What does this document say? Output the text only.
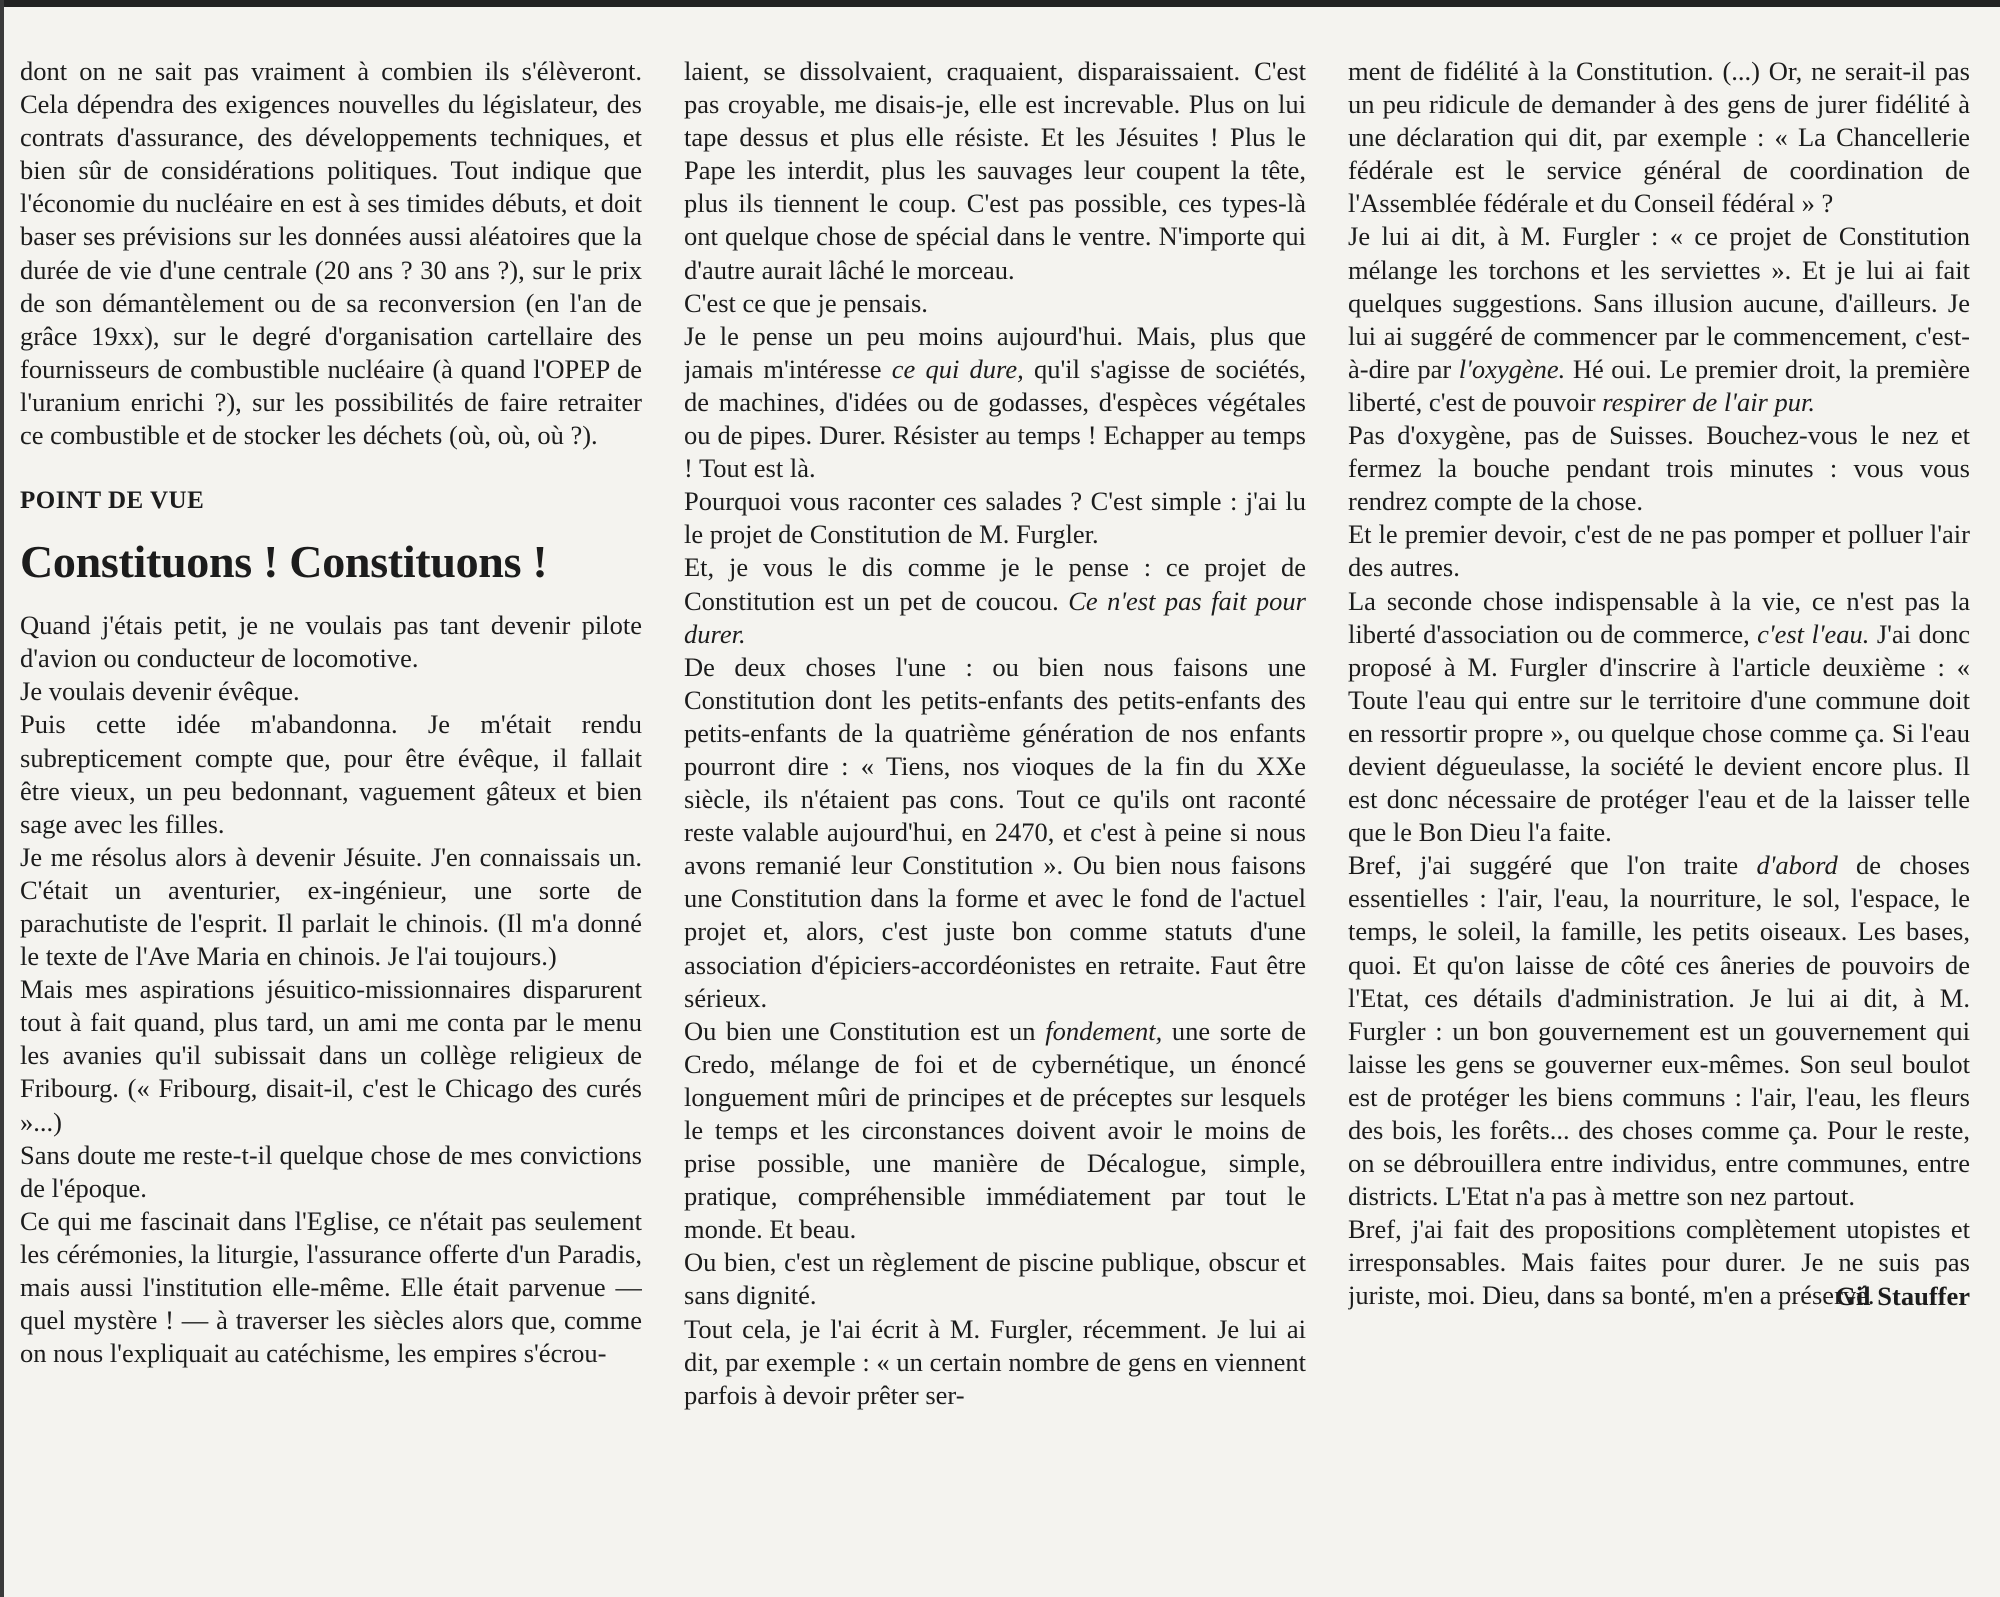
dont on ne sait pas vraiment à combien ils s'élèveront. Cela dépendra des exigences nouvelles du législateur, des contrats d'assurance, des développements techniques, et bien sûr de considérations politiques. Tout indique que l'économie du nucléaire en est à ses timides débuts, et doit baser ses prévisions sur les données aussi aléatoires que la durée de vie d'une centrale (20 ans ? 30 ans ?), sur le prix de son démantèlement ou de sa reconversion (en l'an de grâce 19xx), sur le degré d'organisation cartellaire des fournisseurs de combustible nucléaire (à quand l'OPEP de l'uranium enrichi ?), sur les possibilités de faire retraiter ce combustible et de stocker les déchets (où, où, où ?).

POINT DE VUE

Constituons ! Constituons !

Quand j'étais petit, je ne voulais pas tant devenir pilote d'avion ou conducteur de locomotive.

Je voulais devenir évêque.

Puis cette idée m'abandonna. Je m'était rendu subrepticement compte que, pour être évêque, il fallait être vieux, un peu bedonnant, vaguement gâteux et bien sage avec les filles.

Je me résolus alors à devenir Jésuite. J'en connaissais un. C'était un aventurier, ex-ingénieur, une sorte de parachutiste de l'esprit. Il parlait le chinois. (Il m'a donné le texte de l'Ave Maria en chinois. Je l'ai toujours.)

Mais mes aspirations jésuitico-missionnaires disparurent tout à fait quand, plus tard, un ami me conta par le menu les avanies qu'il subissait dans un collège religieux de Fribourg. (« Fribourg, disait-il, c'est le Chicago des curés »...)

Sans doute me reste-t-il quelque chose de mes convictions de l'époque.

Ce qui me fascinait dans l'Eglise, ce n'était pas seulement les cérémonies, la liturgie, l'assurance offerte d'un Paradis, mais aussi l'institution elle-même. Elle était parvenue — quel mystère ! — à traverser les siècles alors que, comme on nous l'expliquait au catéchisme, les empires s'écrou-

laient, se dissolvaient, craquaient, disparaissaient. C'est pas croyable, me disais-je, elle est increvable. Plus on lui tape dessus et plus elle résiste. Et les Jésuites ! Plus le Pape les interdit, plus les sauvages leur coupent la tête, plus ils tiennent le coup. C'est pas possible, ces types-là ont quelque chose de spécial dans le ventre. N'importe qui d'autre aurait lâché le morceau.

C'est ce que je pensais.

Je le pense un peu moins aujourd'hui. Mais, plus que jamais m'intéresse ce qui dure, qu'il s'agisse de sociétés, de machines, d'idées ou de godasses, d'espèces végétales ou de pipes. Durer. Résister au temps ! Echapper au temps ! Tout est là.

Pourquoi vous raconter ces salades ? C'est simple : j'ai lu le projet de Constitution de M. Furgler.

Et, je vous le dis comme je le pense : ce projet de Constitution est un pet de coucou. Ce n'est pas fait pour durer.

De deux choses l'une : ou bien nous faisons une Constitution dont les petits-enfants des petits-enfants des petits-enfants de la quatrième génération de nos enfants pourront dire : « Tiens, nos vioques de la fin du XXe siècle, ils n'étaient pas cons. Tout ce qu'ils ont raconté reste valable aujourd'hui, en 2470, et c'est à peine si nous avons remanié leur Constitution ». Ou bien nous faisons une Constitution dans la forme et avec le fond de l'actuel projet et, alors, c'est juste bon comme statuts d'une association d'épiciers-accordéonistes en retraite. Faut être sérieux.

Ou bien une Constitution est un fondement, une sorte de Credo, mélange de foi et de cybernétique, un énoncé longuement mûri de principes et de préceptes sur lesquels le temps et les circonstances doivent avoir le moins de prise possible, une manière de Décalogue, simple, pratique, compréhensible immédiatement par tout le monde. Et beau.

Ou bien, c'est un règlement de piscine publique, obscur et sans dignité.

Tout cela, je l'ai écrit à M. Furgler, récemment. Je lui ai dit, par exemple : « un certain nombre de gens en viennent parfois à devoir prêter ser-

ment de fidélité à la Constitution. (...) Or, ne serait-il pas un peu ridicule de demander à des gens de jurer fidélité à une déclaration qui dit, par exemple : « La Chancellerie fédérale est le service général de coordination de l'Assemblée fédérale et du Conseil fédéral » ?

Je lui ai dit, à M. Furgler : « ce projet de Constitution mélange les torchons et les serviettes ». Et je lui ai fait quelques suggestions. Sans illusion aucune, d'ailleurs. Je lui ai suggéré de commencer par le commencement, c'est-à-dire par l'oxygène. Hé oui. Le premier droit, la première liberté, c'est de pouvoir respirer de l'air pur.

Pas d'oxygène, pas de Suisses. Bouchez-vous le nez et fermez la bouche pendant trois minutes : vous vous rendrez compte de la chose.

Et le premier devoir, c'est de ne pas pomper et polluer l'air des autres.

La seconde chose indispensable à la vie, ce n'est pas la liberté d'association ou de commerce, c'est l'eau. J'ai donc proposé à M. Furgler d'inscrire à l'article deuxième : « Toute l'eau qui entre sur le territoire d'une commune doit en ressortir propre », ou quelque chose comme ça. Si l'eau devient dégueulasse, la société le devient encore plus. Il est donc nécessaire de protéger l'eau et de la laisser telle que le Bon Dieu l'a faite.

Bref, j'ai suggéré que l'on traite d'abord de choses essentielles : l'air, l'eau, la nourriture, le sol, l'espace, le temps, le soleil, la famille, les petits oiseaux. Les bases, quoi. Et qu'on laisse de côté ces âneries de pouvoirs de l'Etat, ces détails d'administration. Je lui ai dit, à M. Furgler : un bon gouvernement est un gouvernement qui laisse les gens se gouverner eux-mêmes. Son seul boulot est de protéger les biens communs : l'air, l'eau, les fleurs des bois, les forêts... des choses comme ça. Pour le reste, on se débrouillera entre individus, entre communes, entre districts. L'Etat n'a pas à mettre son nez partout.

Bref, j'ai fait des propositions complètement utopistes et irresponsables. Mais faites pour durer. Je ne suis pas juriste, moi. Dieu, dans sa bonté, m'en a préservé.

Gil Stauffer
